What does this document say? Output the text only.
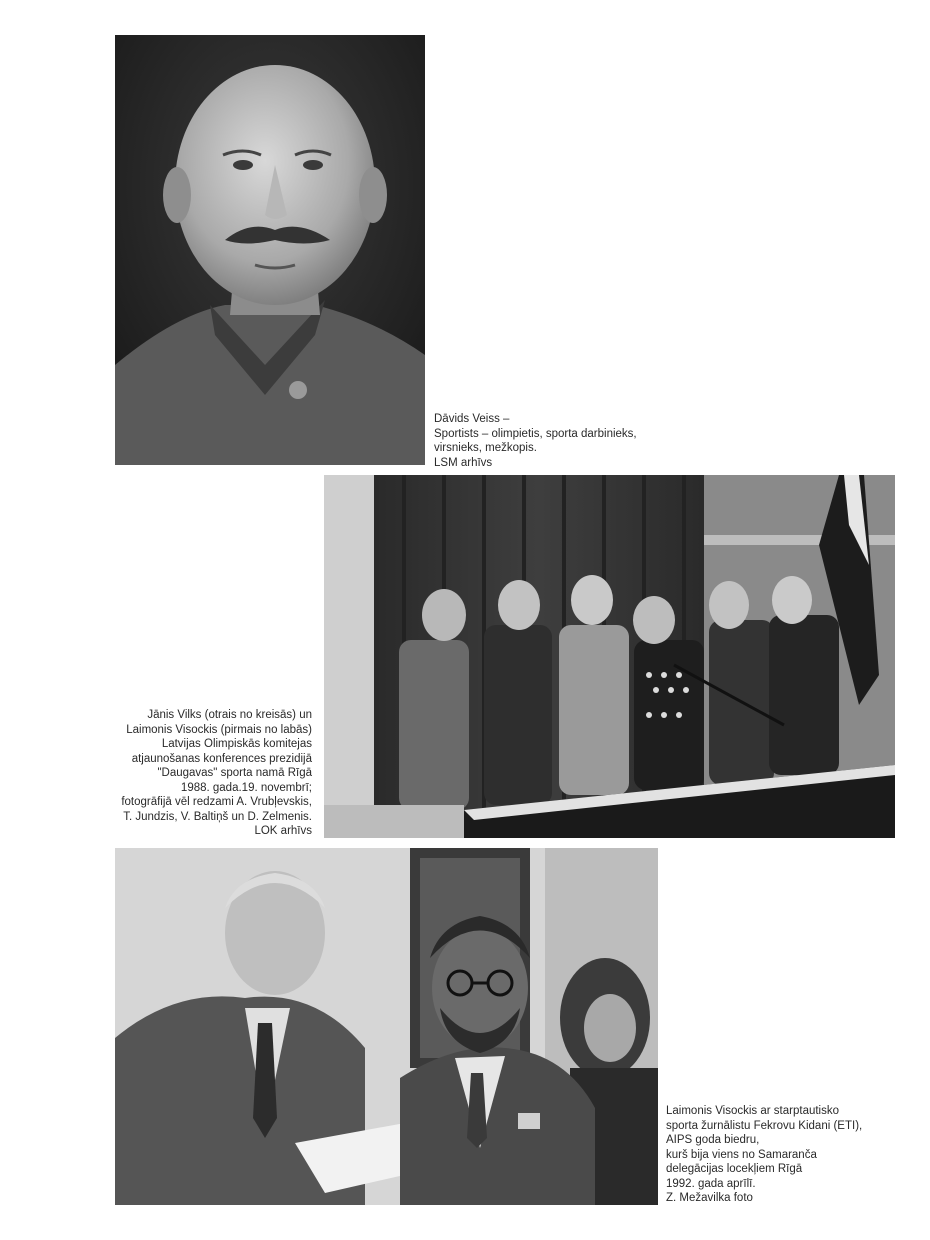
Dāvids Veiss –
Sportists – olimpietis, sporta darbinieks,
virsnieks, mežkopis.
LSM arhīvs
Jānis Vilks (otrais no kreisās) un
Laimonis Visockis (pirmais no labās)
Latvijas Olimpiskās komitejas
atjaunošanas konferences prezidijā
"Daugavas" sporta namā Rīgā
1988. gada.19. novembrī;
fotogrāfijā vēl redzami A. Vrubļevskis,
T. Jundzis, V. Baltiņš un D. Zelmenis.
LOK arhīvs
Laimonis Visockis ar starptautisko
sporta žurnālistu Fekrovu Kidani (ETI),
AIPS goda biedru,
kurš bija viens no Samaranča
delegācijas locekļiem Rīgā
1992. gada aprīlī.
Z. Mežavilka foto
